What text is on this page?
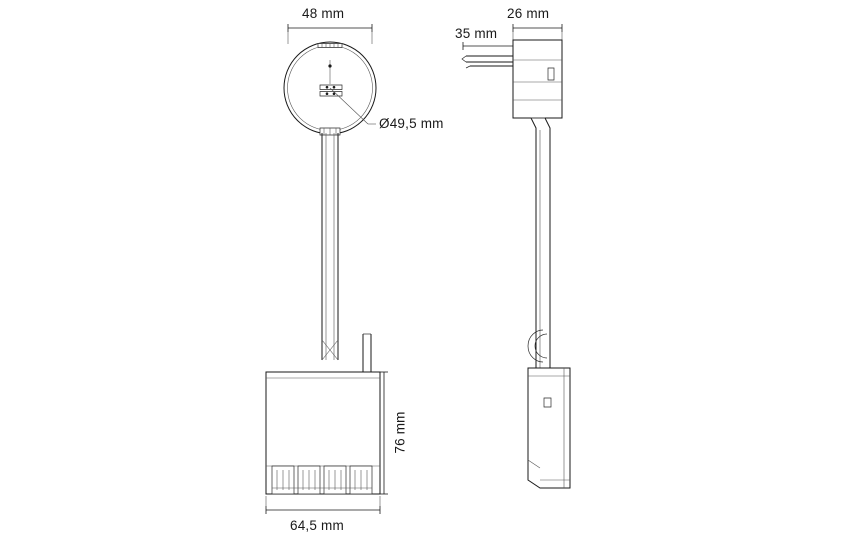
48 mm
Ø49,5 mm
76 mm
64,5 mm
26 mm
35 mm
